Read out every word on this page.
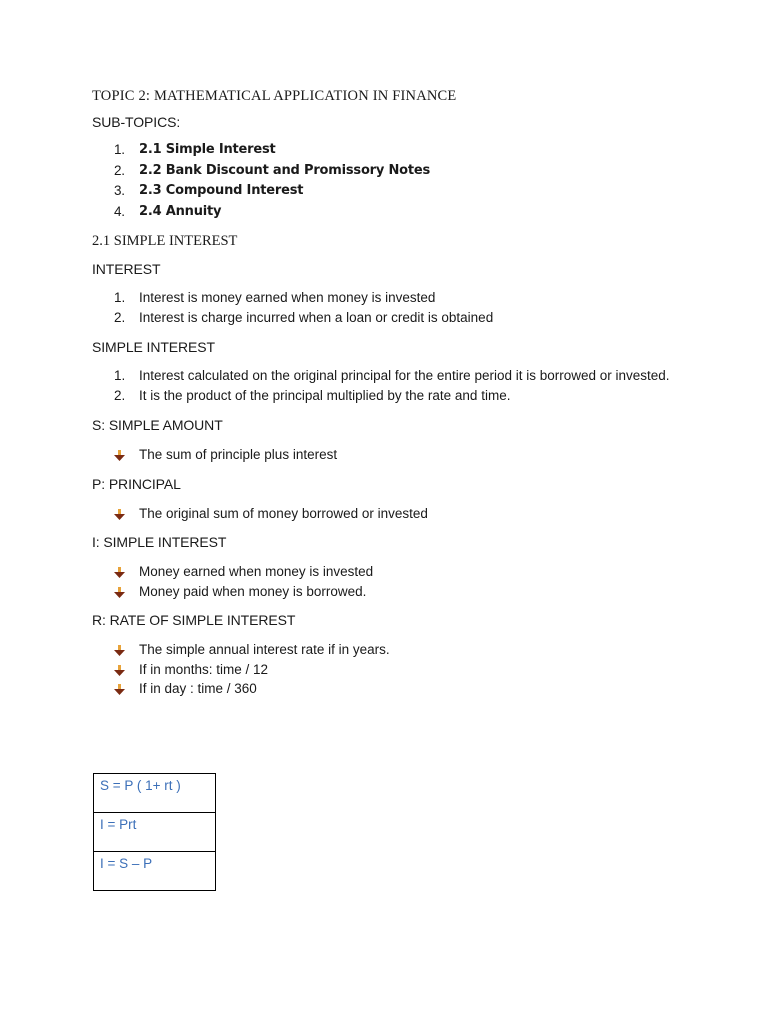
TOPIC 2: MATHEMATICAL APPLICATION IN FINANCE

SUB-TOPICS:

1. 2.1 Simple Interest
2. 2.2 Bank Discount and Promissory Notes
3. 2.3 Compound Interest
4. 2.4 Annuity

2.1 SIMPLE INTEREST

INTEREST

1. Interest is money earned when money is invested
2. Interest is charge incurred when a loan or credit is obtained

SIMPLE INTEREST

1. Interest calculated on the original principal for the entire period it is borrowed or invested.
2. It is the product of the principal multiplied by the rate and time.

S: SIMPLE AMOUNT

The sum of principle plus interest

P: PRINCIPAL

The original sum of money borrowed or invested

I: SIMPLE INTEREST

Money earned when money is invested
Money paid when money is borrowed.

R: RATE OF SIMPLE INTEREST

The simple annual interest rate if in years.
If in months: time / 12
If in day : time / 360
S = P ( 1+ rt )
I = Prt
I = S – P
